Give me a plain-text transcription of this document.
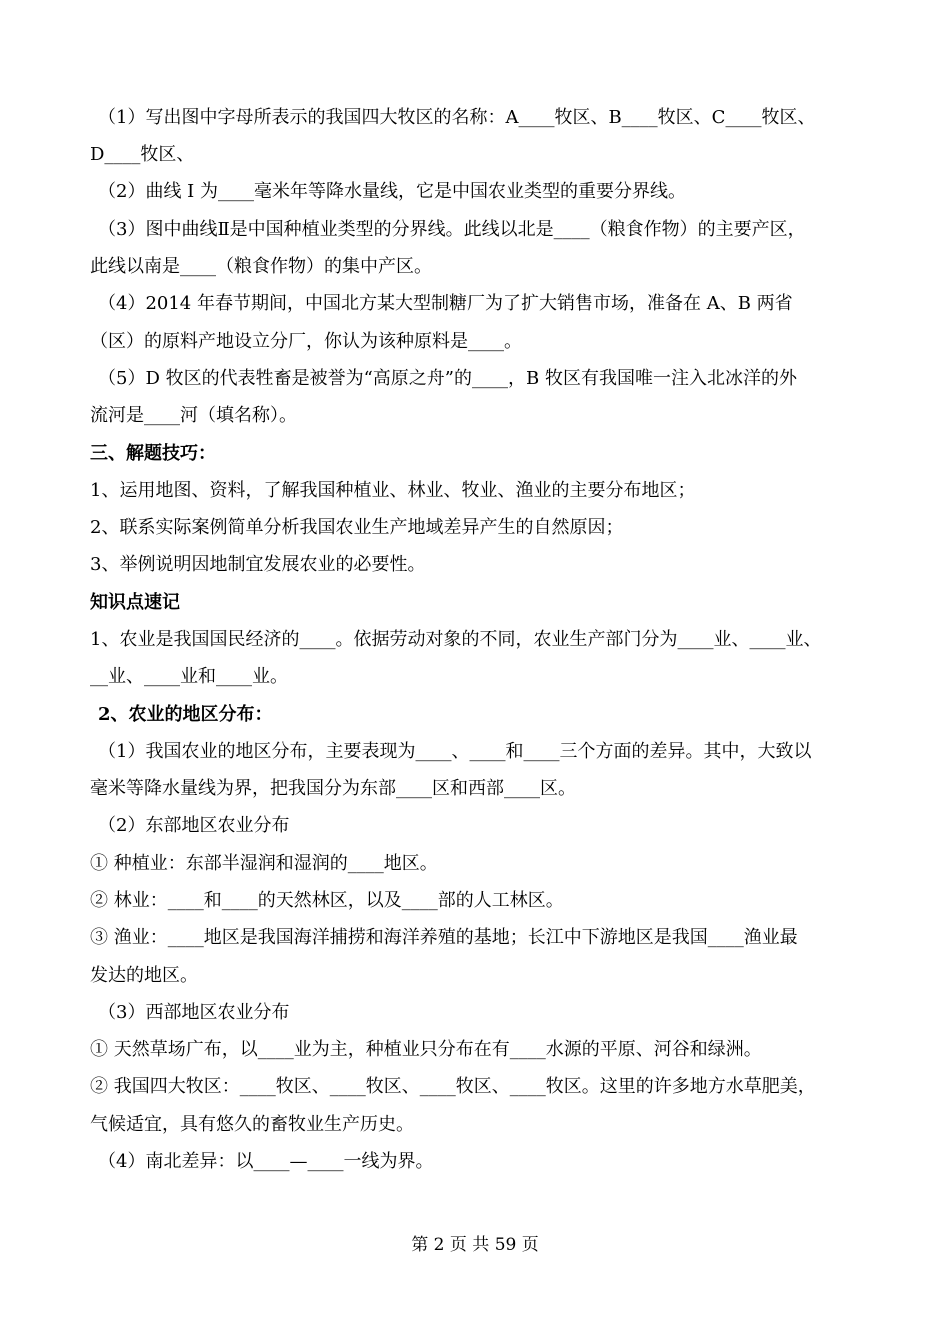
（1）写出图中字母所表示的我国四大牧区的名称：A____牧区、B____牧区、C____牧区、
D____牧区、
（2）曲线 I 为____毫米年等降水量线，它是中国农业类型的重要分界线。
（3）图中曲线Ⅱ是中国种植业类型的分界线。此线以北是____（粮食作物）的主要产区，
此线以南是____（粮食作物）的集中产区。
（4）2014 年春节期间，中国北方某大型制糖厂为了扩大销售市场，准备在 A、B 两省
（区）的原料产地设立分厂，你认为该种原料是____。
（5）D 牧区的代表牲畜是被誉为“高原之舟”的____，B 牧区有我国唯一注入北冰洋的外
流河是____河（填名称）。
三、解题技巧：
1、运用地图、资料，了解我国种植业、林业、牧业、渔业的主要分布地区；
2、联系实际案例简单分析我国农业生产地域差异产生的自然原因；
3、举例说明因地制宜发展农业的必要性。
知识点速记
1、农业是我国国民经济的____。依据劳动对象的不同，农业生产部门分为____业、____业、
__业、____业和____业。
2、农业的地区分布：
（1）我国农业的地区分布，主要表现为____、____和____三个方面的差异。其中，大致以
毫米等降水量线为界，把我国分为东部____区和西部____区。
（2）东部地区农业分布
① 种植业：东部半湿润和湿润的____地区。
② 林业：____和____的天然林区，以及____部的人工林区。
③ 渔业：____地区是我国海洋捕捞和海洋养殖的基地；长江中下游地区是我国____渔业最
发达的地区。
（3）西部地区农业分布
① 天然草场广布，以____业为主，种植业只分布在有____水源的平原、河谷和绿洲。
② 我国四大牧区：____牧区、____牧区、____牧区、____牧区。这里的许多地方水草肥美，
气候适宜，具有悠久的畜牧业生产历史。
（4）南北差异：以____—____一线为界。
第 2 页 共 59 页
